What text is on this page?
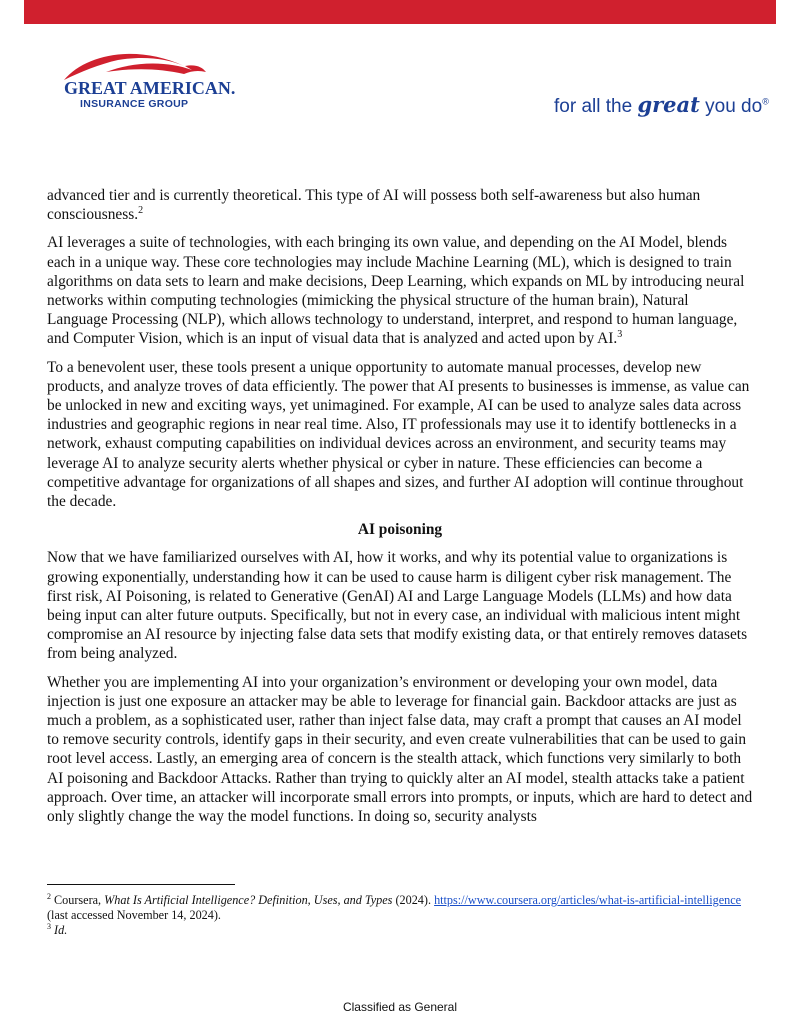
GREAT AMERICAN.
INSURANCE GROUP	for all the great you do®

advanced tier and is currently theoretical. This type of AI will possess both self-awareness but also human consciousness.$^2$

AI leverages a suite of technologies, with each bringing its own value, and depending on the AI Model, blends each in a unique way. These core technologies may include Machine Learning (ML), which is designed to train algorithms on data sets to learn and make decisions, Deep Learning, which expands on ML by introducing neural networks within computing technologies (mimicking the physical structure of the human brain), Natural Language Processing (NLP), which allows technology to understand, interpret, and respond to human language, and Computer Vision, which is an input of visual data that is analyzed and acted upon by AI.$^3$

To a benevolent user, these tools present a unique opportunity to automate manual processes, develop new products, and analyze troves of data efficiently. The power that AI presents to businesses is immense, as value can be unlocked in new and exciting ways, yet unimagined. For example, AI can be used to analyze sales data across industries and geographic regions in near real time. Also, IT professionals may use it to identify bottlenecks in a network, exhaust computing capabilities on individual devices across an environment, and security teams may leverage AI to analyze security alerts whether physical or cyber in nature. These efficiencies can become a competitive advantage for organizations of all shapes and sizes, and further AI adoption will continue throughout the decade.

AI poisoning

Now that we have familiarized ourselves with AI, how it works, and why its potential value to organizations is growing exponentially, understanding how it can be used to cause harm is diligent cyber risk management. The first risk, AI Poisoning, is related to Generative (GenAI) AI and Large Language Models (LLMs) and how data being input can alter future outputs. Specifically, but not in every case, an individual with malicious intent might compromise an AI resource by injecting false data sets that modify existing data, or that entirely removes datasets from being analyzed.

Whether you are implementing AI into your organization’s environment or developing your own model, data injection is just one exposure an attacker may be able to leverage for financial gain. Backdoor attacks are just as much a problem, as a sophisticated user, rather than inject false data, may craft a prompt that causes an AI model to remove security controls, identify gaps in their security, and even create vulnerabilities that can be used to gain root level access. Lastly, an emerging area of concern is the stealth attack, which functions very similarly to both AI poisoning and Backdoor Attacks. Rather than trying to quickly alter an AI model, stealth attacks take a patient approach. Over time, an attacker will incorporate small errors into prompts, or inputs, which are hard to detect and only slightly change the way the model functions. In doing so, security analysts

$^2$ Coursera, What Is Artificial Intelligence? Definition, Uses, and Types (2024). https://www.coursera.org/articles/what-is-artificial-intelligence (last accessed November 14, 2024).

$^3$ Id.

Classified as General
